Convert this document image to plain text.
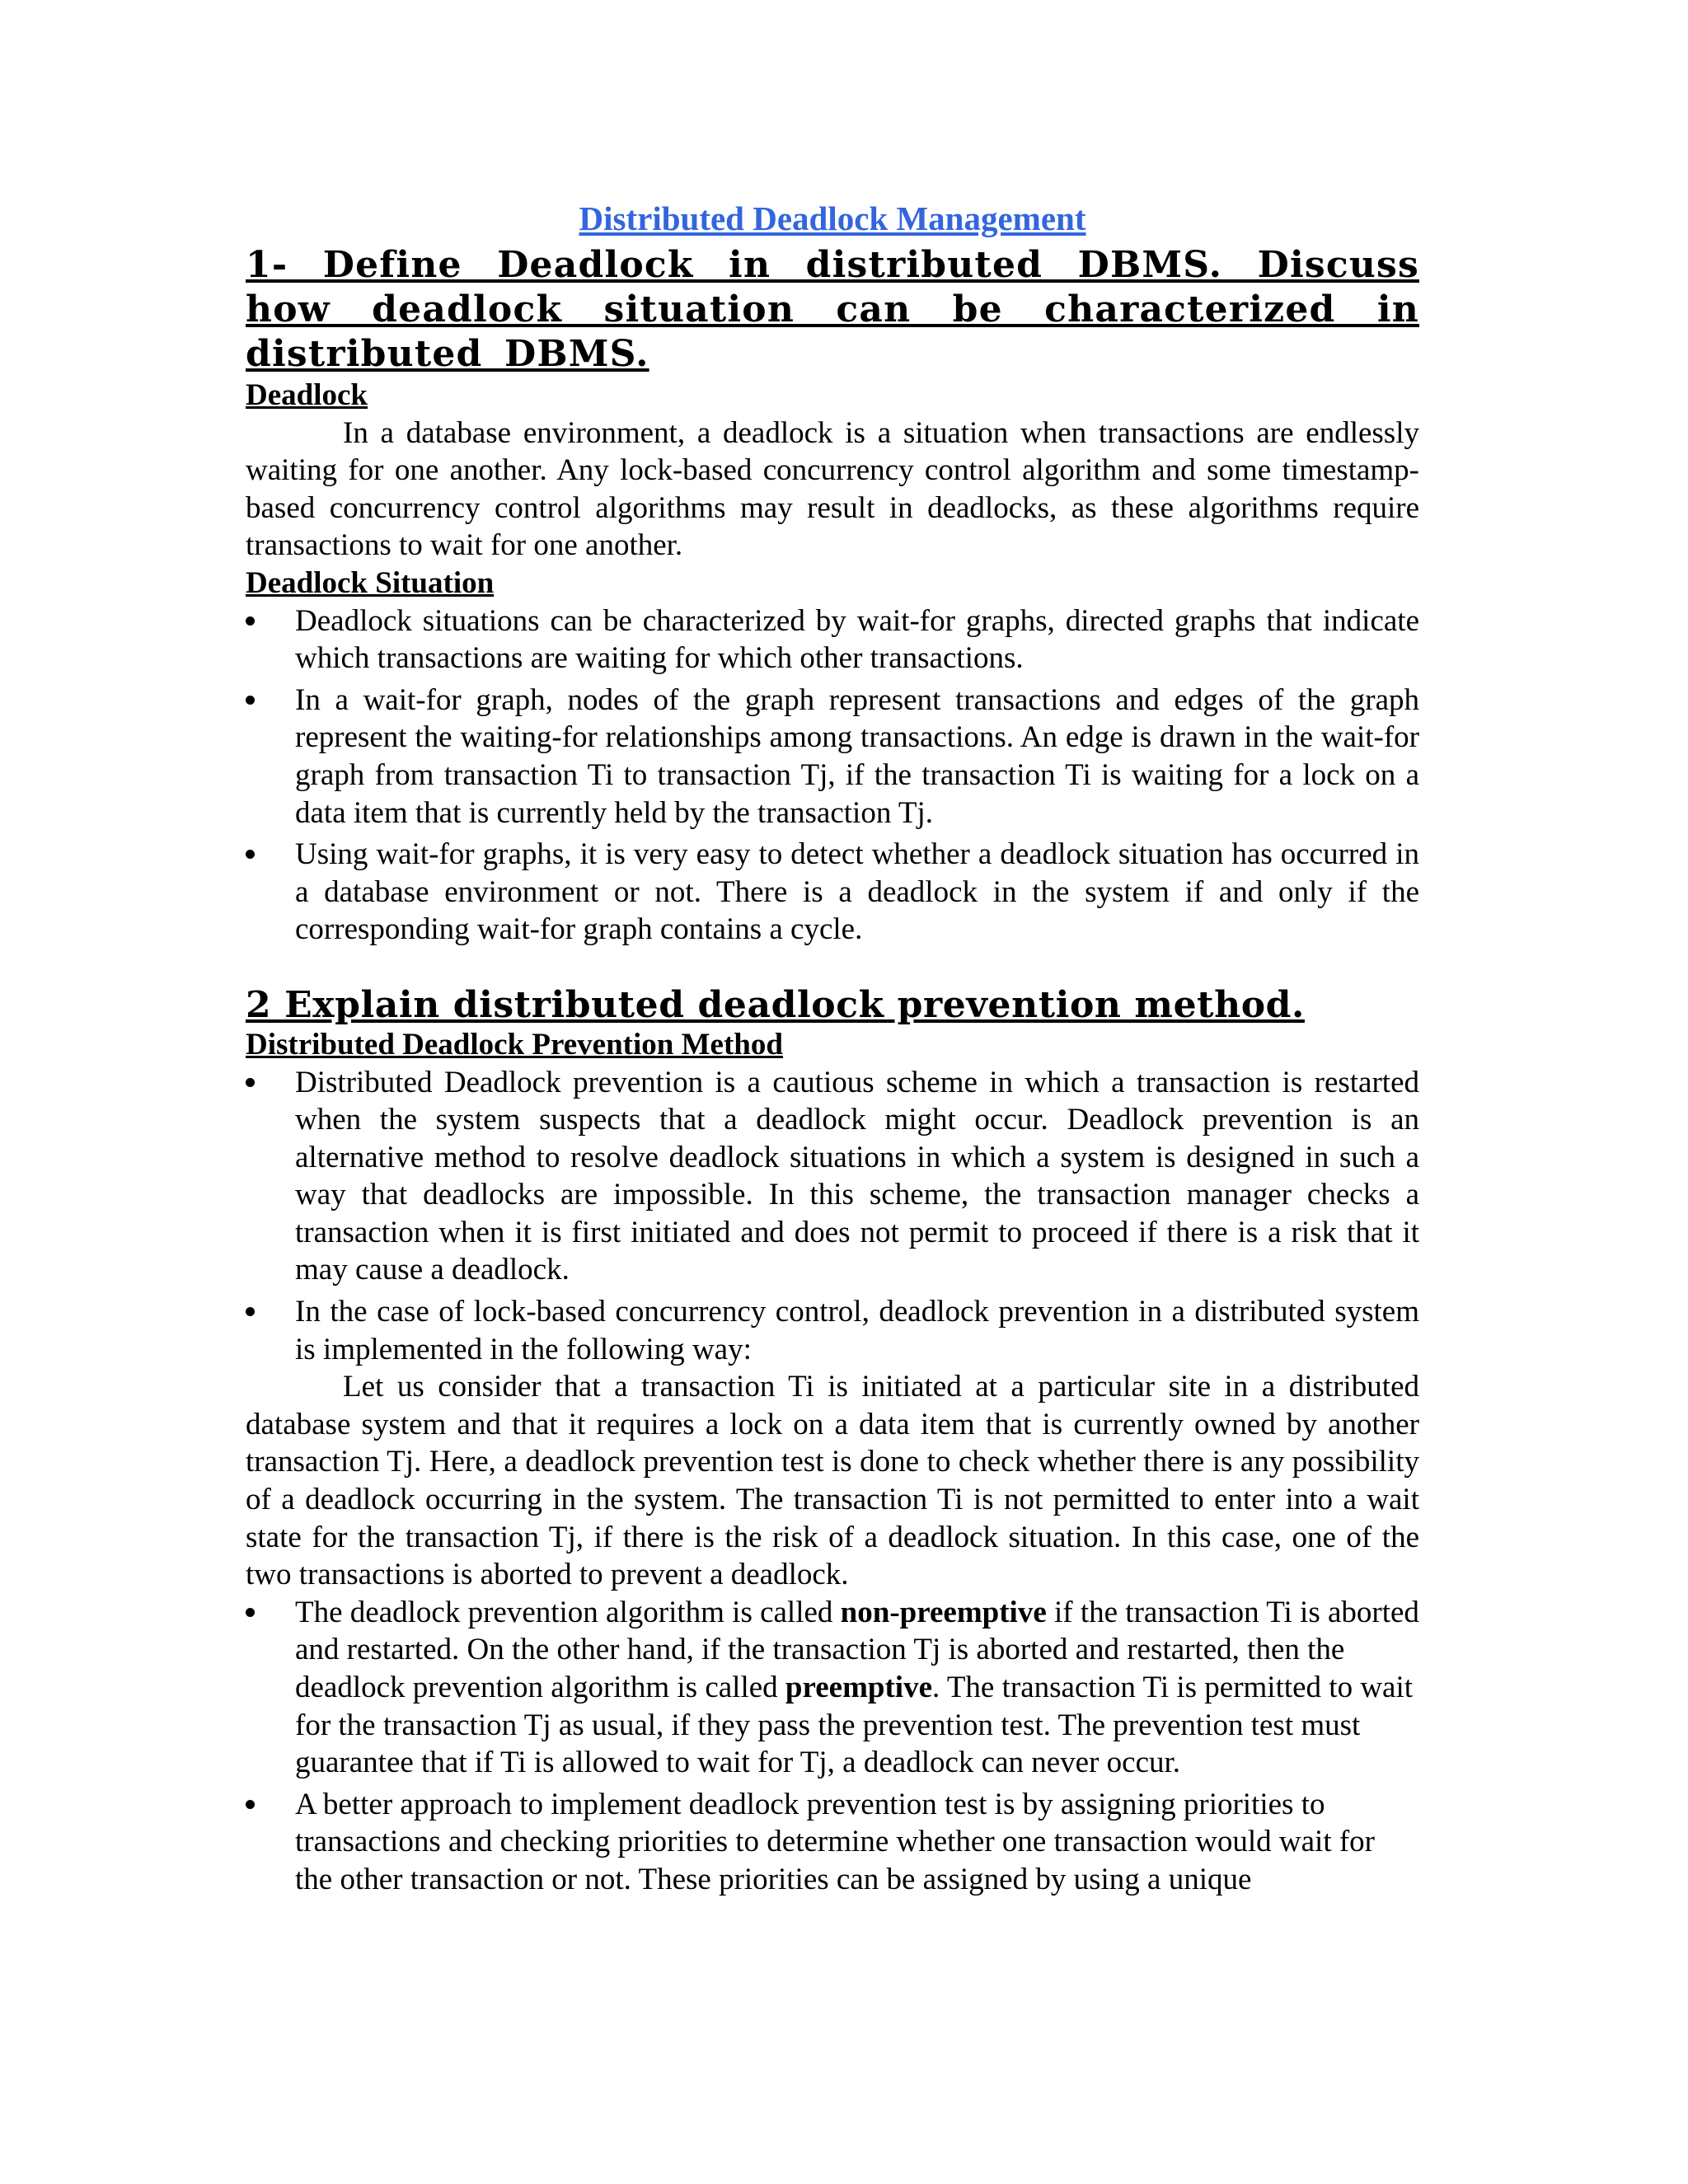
Distributed Deadlock Management
1- Define Deadlock in distributed DBMS. Discuss how deadlock situation can be characterized in distributed DBMS.
Deadlock

In a database environment, a deadlock is a situation when transactions are endlessly waiting for one another. Any lock-based concurrency control algorithm and some timestamp-based concurrency control algorithms may result in deadlocks, as these algorithms require transactions to wait for one another.

Deadlock Situation
Deadlock situations can be characterized by wait-for graphs, directed graphs that indicate which transactions are waiting for which other transactions.
In a wait-for graph, nodes of the graph represent transactions and edges of the graph represent the waiting-for relationships among transactions. An edge is drawn in the wait-for graph from transaction Ti to transaction Tj, if the transaction Ti is waiting for a lock on a data item that is currently held by the transaction Tj.
Using wait-for graphs, it is very easy to detect whether a deadlock situation has occurred in a database environment or not. There is a deadlock in the system if and only if the corresponding wait-for graph contains a cycle.
2 Explain distributed deadlock prevention method.
Distributed Deadlock Prevention Method
Distributed Deadlock prevention is a cautious scheme in which a transaction is restarted when the system suspects that a deadlock might occur. Deadlock prevention is an alternative method to resolve deadlock situations in which a system is designed in such a way that deadlocks are impossible. In this scheme, the transaction manager checks a transaction when it is first initiated and does not permit to proceed if there is a risk that it may cause a deadlock.
In the case of lock-based concurrency control, deadlock prevention in a distributed system is implemented in the following way:

Let us consider that a transaction Ti is initiated at a particular site in a distributed database system and that it requires a lock on a data item that is currently owned by another transaction Tj. Here, a deadlock prevention test is done to check whether there is any possibility of a deadlock occurring in the system. The transaction Ti is not permitted to enter into a wait state for the transaction Tj, if there is the risk of a deadlock situation. In this case, one of the two transactions is aborted to prevent a deadlock.

The deadlock prevention algorithm is called non-preemptive if the transaction Ti is aborted and restarted. On the other hand, if the transaction Tj is aborted and restarted, then the deadlock prevention algorithm is called preemptive. The transaction Ti is permitted to wait for the transaction Tj as usual, if they pass the prevention test. The prevention test must guarantee that if Ti is allowed to wait for Tj, a deadlock can never occur.
A better approach to implement deadlock prevention test is by assigning priorities to transactions and checking priorities to determine whether one transaction would wait for the other transaction or not. These priorities can be assigned by using a unique
